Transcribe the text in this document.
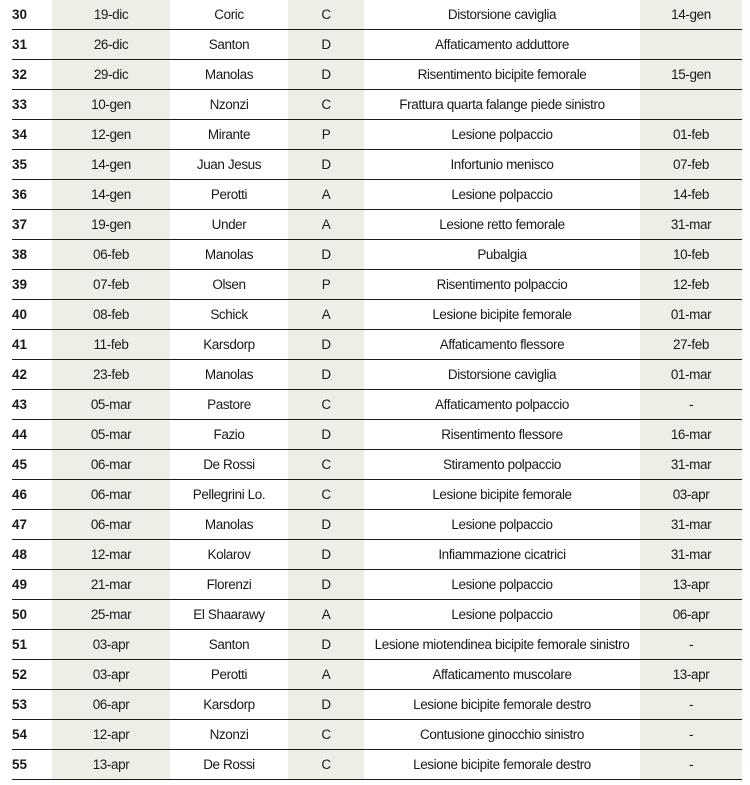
30	19-dic	Coric	C	Distorsione caviglia	14-gen
31	26-dic	Santon	D	Affaticamento adduttore	
32	29-dic	Manolas	D	Risentimento bicipite femorale	15-gen
33	10-gen	Nzonzi	C	Frattura quarta falange piede sinistro	
34	12-gen	Mirante	P	Lesione polpaccio	01-feb
35	14-gen	Juan Jesus	D	Infortunio menisco	07-feb
36	14-gen	Perotti	A	Lesione polpaccio	14-feb
37	19-gen	Under	A	Lesione retto femorale	31-mar
38	06-feb	Manolas	D	Pubalgia	10-feb
39	07-feb	Olsen	P	Risentimento polpaccio	12-feb
40	08-feb	Schick	A	Lesione bicipite femorale	01-mar
41	11-feb	Karsdorp	D	Affaticamento flessore	27-feb
42	23-feb	Manolas	D	Distorsione caviglia	01-mar
43	05-mar	Pastore	C	Affaticamento polpaccio	-
44	05-mar	Fazio	D	Risentimento flessore	16-mar
45	06-mar	De Rossi	C	Stiramento polpaccio	31-mar
46	06-mar	Pellegrini Lo.	C	Lesione bicipite femorale	03-apr
47	06-mar	Manolas	D	Lesione polpaccio	31-mar
48	12-mar	Kolarov	D	Infiammazione cicatrici	31-mar
49	21-mar	Florenzi	D	Lesione polpaccio	13-apr
50	25-mar	El Shaarawy	A	Lesione polpaccio	06-apr
51	03-apr	Santon	D	Lesione miotendinea bicipite femorale sinistro	-
52	03-apr	Perotti	A	Affaticamento muscolare	13-apr
53	06-apr	Karsdorp	D	Lesione bicipite femorale destro	-
54	12-apr	Nzonzi	C	Contusione ginocchio sinistro	-
55	13-apr	De Rossi	C	Lesione bicipite femorale destro	-
